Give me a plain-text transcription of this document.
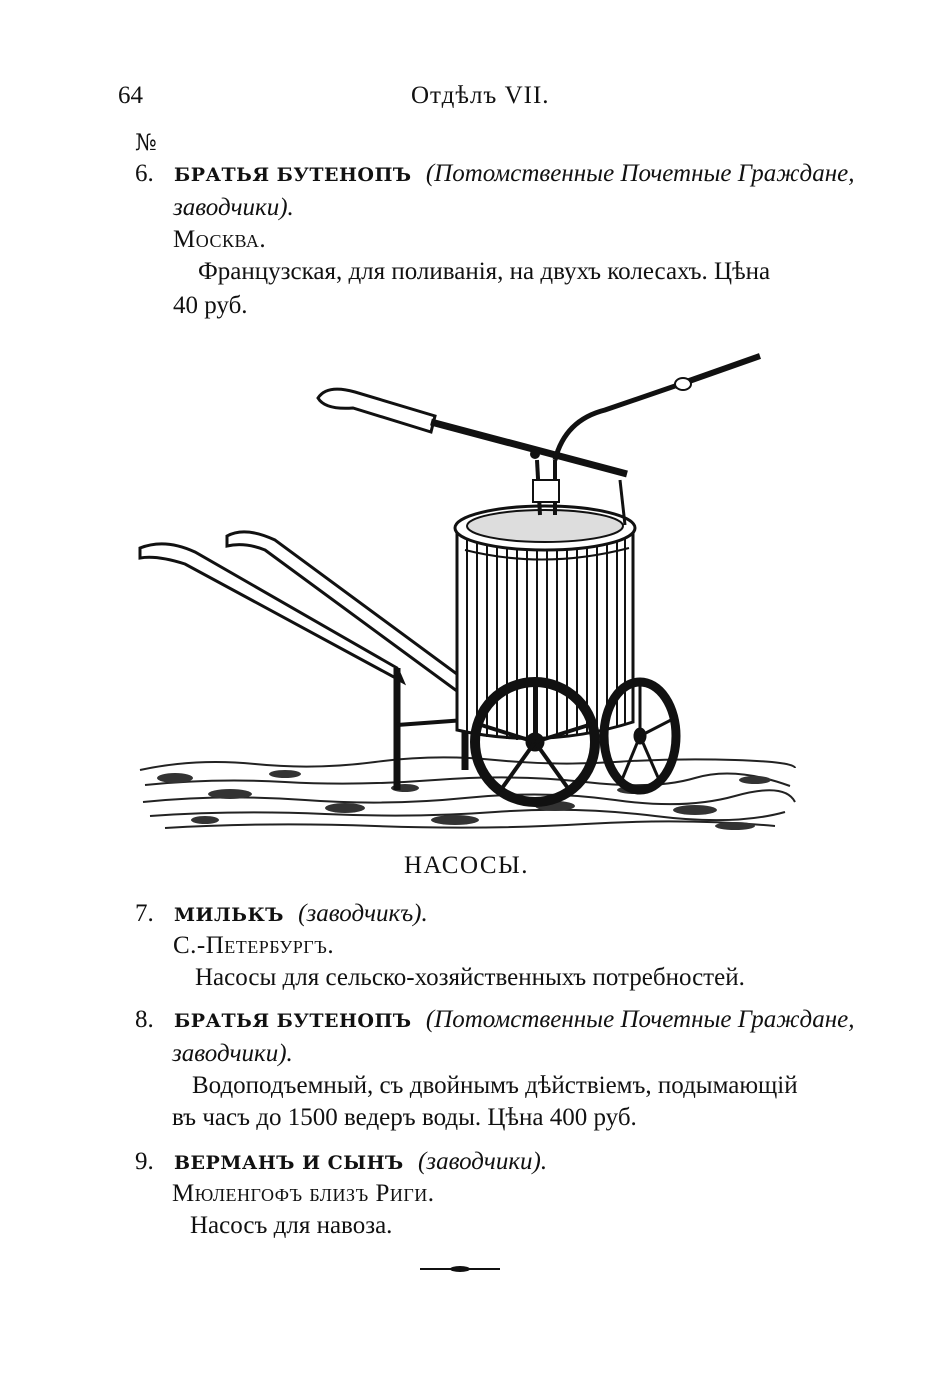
64	Отдѣлъ VII.
№
6. БРАТЬЯ БУТЕНОПЪ (Потомственные Почетные Граждане,
заводчики).
Москва.
Французская, для поливанія, на двухъ колесахъ. Цѣна
40 руб.
НАСОСЫ.
7. МИЛЬКЪ (заводчикъ).
С.-Петербургъ.
Насосы для сельско-хозяйственныхъ потребностей.
8. БРАТЬЯ БУТЕНОПЪ (Потомственные Почетные Граждане,
заводчики).
Водоподъемный, съ двойнымъ дѣйствіемъ, подымающій
въ часъ до 1500 ведеръ воды. Цѣна 400 руб.
9. ВЕРМАНЪ И СЫНЪ (заводчики).
Мюленгофъ близъ Риги.
Насосъ для навоза.
